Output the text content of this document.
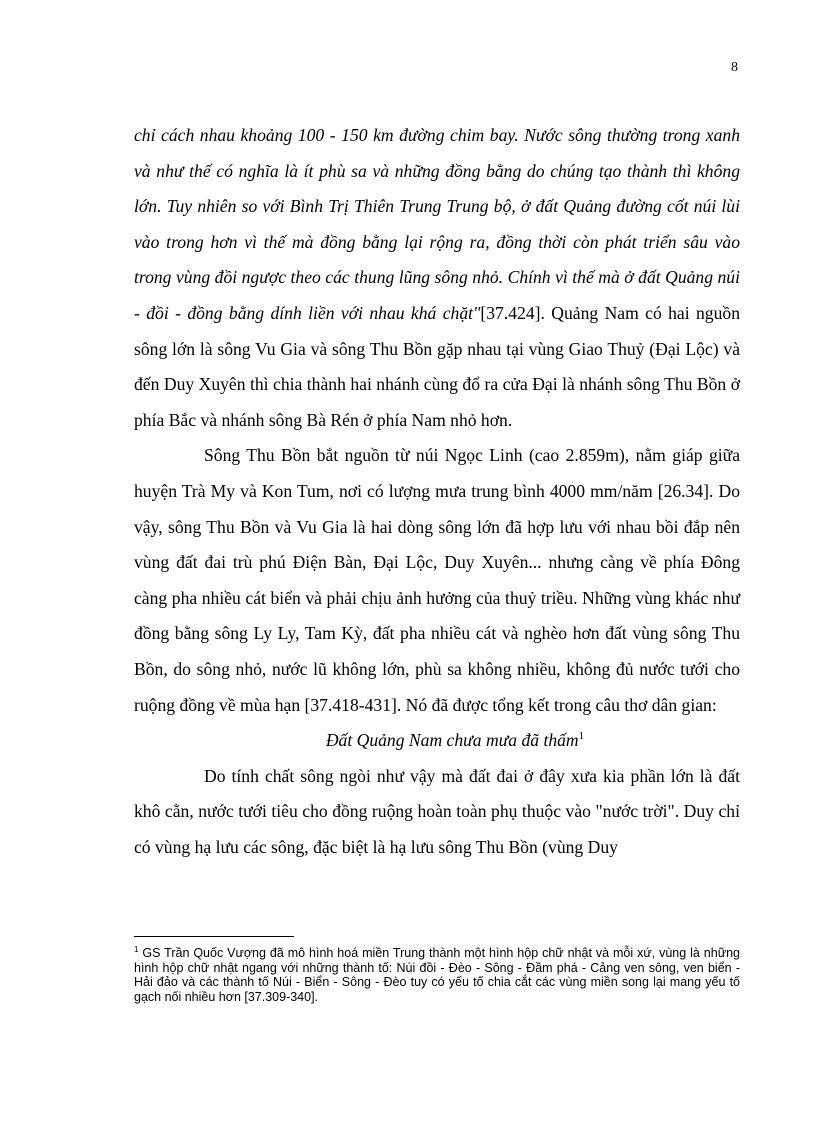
8

chỉ cách nhau khoảng 100 - 150 km đường chim bay. Nước sông thường trong xanh và như thế có nghĩa là ít phù sa và những đồng bằng do chúng tạo thành thì không lớn. Tuy nhiên so với Bình Trị Thiên Trung Trung bộ, ở đất Quảng đường cốt núi lùi vào trong hơn vì thế mà đồng bằng lại rộng ra, đồng thời còn phát triển sâu vào trong vùng đồi ngược theo các thung lũng sông nhỏ. Chính vì thế mà ở đất Quảng núi - đồi - đồng bằng dính liền với nhau khá chặt"[37.424]. Quảng Nam có hai nguồn sông lớn là sông Vu Gia và sông Thu Bồn gặp nhau tại vùng Giao Thuỷ (Đại Lộc) và đến Duy Xuyên thì chia thành hai nhánh cùng đổ ra cửa Đại là nhánh sông Thu Bồn ở phía Bắc và nhánh sông Bà Rén ở phía Nam nhỏ hơn.

Sông Thu Bồn bắt nguồn từ núi Ngọc Linh (cao 2.859m), nằm giáp giữa huyện Trà My và Kon Tum, nơi có lượng mưa trung bình 4000 mm/năm [26.34]. Do vậy, sông Thu Bồn và Vu Gia là hai dòng sông lớn đã hợp lưu với nhau bồi đắp nên vùng đất đai trù phú Điện Bàn, Đại Lộc, Duy Xuyên... nhưng càng về phía Đông càng pha nhiều cát biển và phải chịu ảnh hưởng của thuỷ triều. Những vùng khác như đồng bằng sông Ly Ly, Tam Kỳ, đất pha nhiều cát và nghèo hơn đất vùng sông Thu Bồn, do sông nhỏ, nước lũ không lớn, phù sa không nhiều, không đủ nước tưới cho ruộng đồng về mùa hạn [37.418-431]. Nó đã được tổng kết trong câu thơ dân gian:

Đất Quảng Nam chưa mưa đã thấm$^1$

Do tính chất sông ngòi như vậy mà đất đai ở đây xưa kia phần lớn là đất khô cằn, nước tưới tiêu cho đồng ruộng hoàn toàn phụ thuộc vào "nước trời". Duy chỉ có vùng hạ lưu các sông, đặc biệt là hạ lưu sông Thu Bồn (vùng Duy

$^1$ GS Trần Quốc Vượng đã mô hình hoá miền Trung thành một hình hộp chữ nhật và mỗi xứ, vùng là những hình hộp chữ nhật ngang với những thành tố: Núi đồi - Đèo - Sông - Đầm phá - Cảng ven sông, ven biển - Hải đảo và các thành tố Núi - Biển - Sông - Đèo tuy có yếu tố chia cắt các vùng miền song lại mang yếu tố gạch nối nhiều hơn [37.309-340].
